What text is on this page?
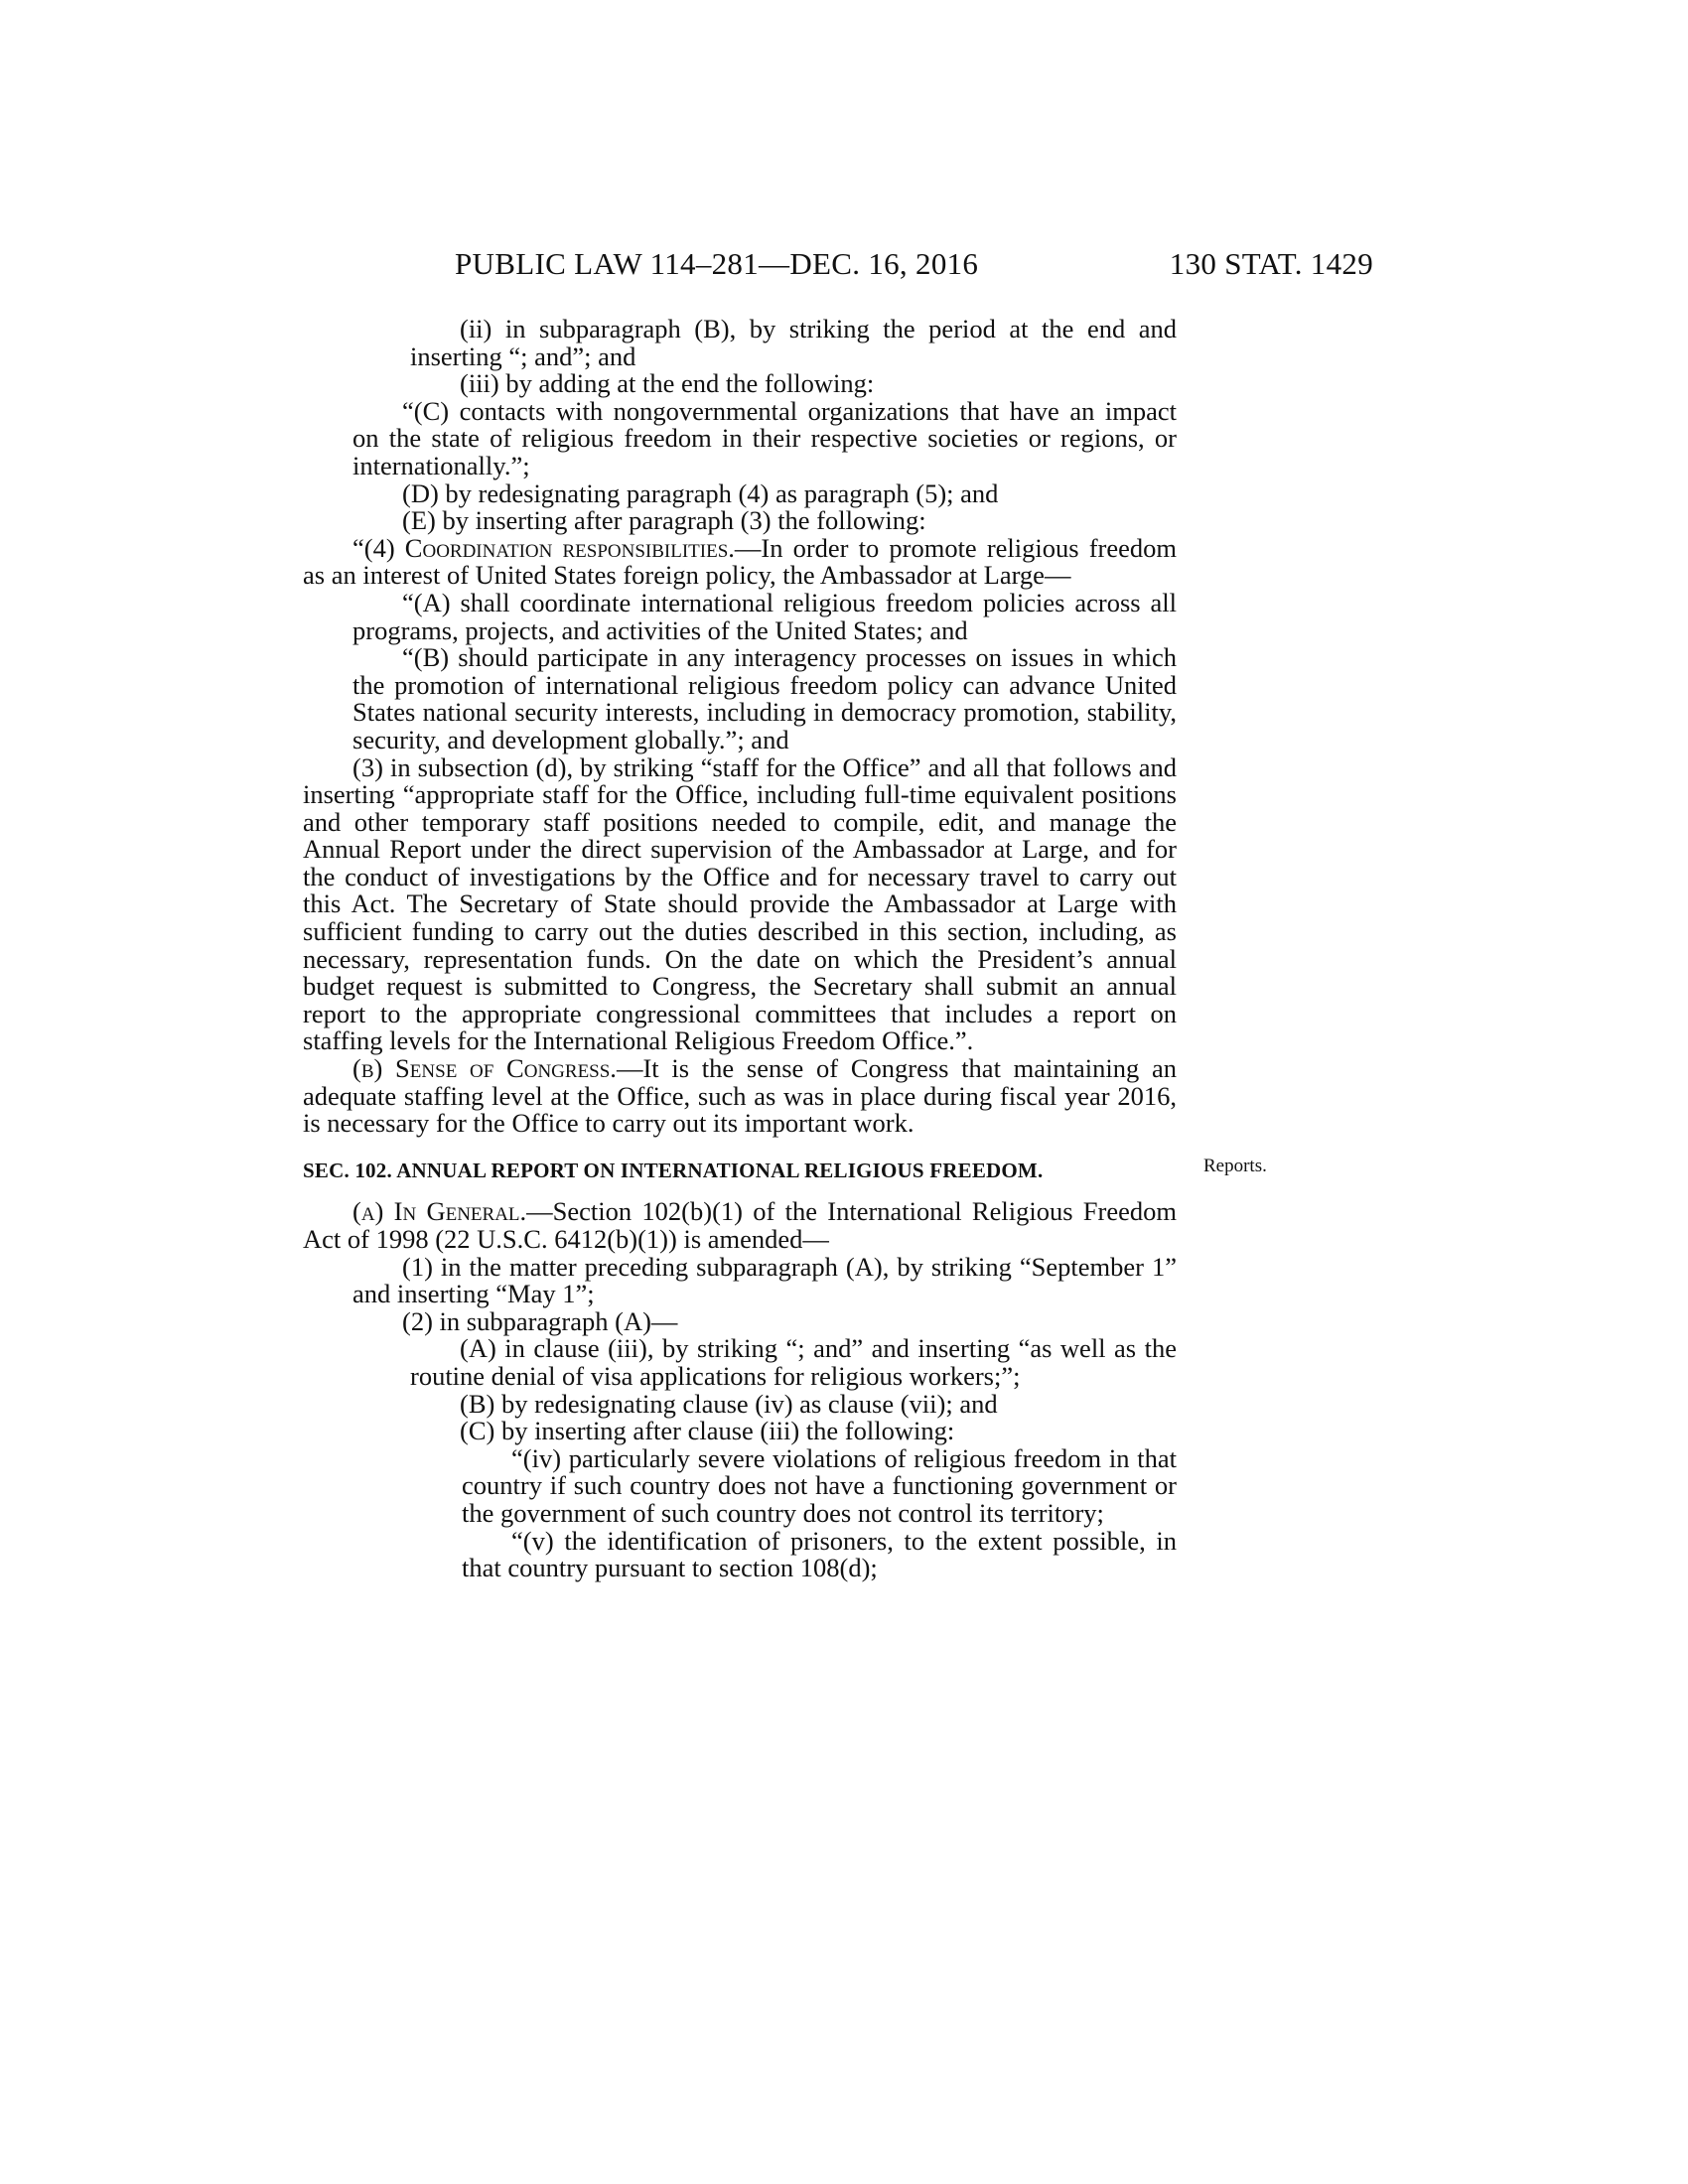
PUBLIC LAW 114–281—DEC. 16, 2016	130 STAT. 1429
Reports.

(ii) in subparagraph (B), by striking the period at the end and inserting “; and”; and

(iii) by adding at the end the following:

“(C) contacts with nongovernmental organizations that have an impact on the state of religious freedom in their respective societies or regions, or internationally.”;

(D) by redesignating paragraph (4) as paragraph (5); and

(E) by inserting after paragraph (3) the following:

“(4) Coordination responsibilities.—In order to promote religious freedom as an interest of United States foreign policy, the Ambassador at Large—

“(A) shall coordinate international religious freedom policies across all programs, projects, and activities of the United States; and

“(B) should participate in any interagency processes on issues in which the promotion of international religious freedom policy can advance United States national security interests, including in democracy promotion, stability, security, and development globally.”; and

(3) in subsection (d), by striking “staff for the Office” and all that follows and inserting “appropriate staff for the Office, including full-time equivalent positions and other temporary staff positions needed to compile, edit, and manage the Annual Report under the direct supervision of the Ambassador at Large, and for the conduct of investigations by the Office and for necessary travel to carry out this Act. The Secretary of State should provide the Ambassador at Large with sufficient funding to carry out the duties described in this section, including, as necessary, representation funds. On the date on which the President’s annual budget request is submitted to Congress, the Secretary shall submit an annual report to the appropriate congressional committees that includes a report on staffing levels for the International Religious Freedom Office.”.

(b) Sense of Congress.—It is the sense of Congress that maintaining an adequate staffing level at the Office, such as was in place during fiscal year 2016, is necessary for the Office to carry out its important work.

SEC. 102. ANNUAL REPORT ON INTERNATIONAL RELIGIOUS FREEDOM.

(a) In General.—Section 102(b)(1) of the International Religious Freedom Act of 1998 (22 U.S.C. 6412(b)(1)) is amended—

(1) in the matter preceding subparagraph (A), by striking “September 1” and inserting “May 1”;

(2) in subparagraph (A)—

(A) in clause (iii), by striking “; and” and inserting “as well as the routine denial of visa applications for religious workers;”;

(B) by redesignating clause (iv) as clause (vii); and

(C) by inserting after clause (iii) the following:

“(iv) particularly severe violations of religious freedom in that country if such country does not have a functioning government or the government of such country does not control its territory;

“(v) the identification of prisoners, to the extent possible, in that country pursuant to section 108(d);
